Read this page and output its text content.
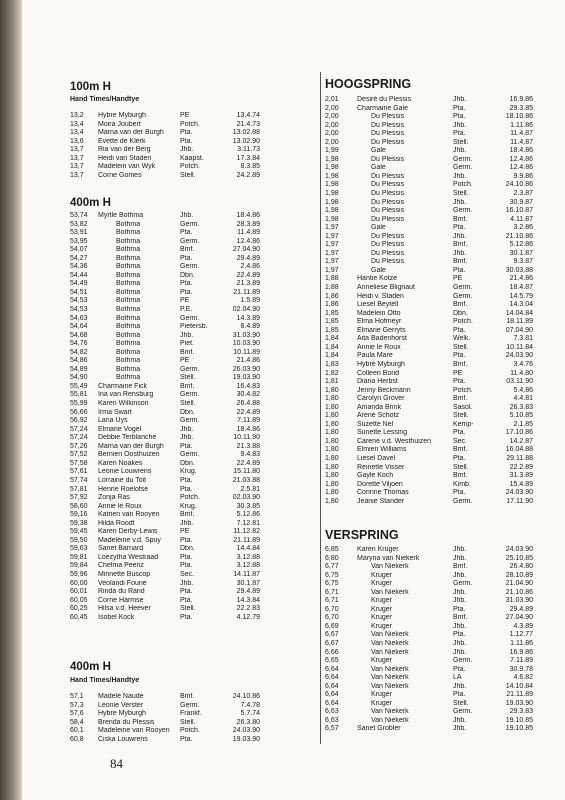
100m H
Hand Times/Handtye
13,2	Hybre Myburgh	PE	13.4.74
13,4	Moira Joubert	Potch.	21.4.73
13,4	Marna van der Burgh	Pta.	13.02.88
13,6	Evette de Klerk	Pta.	13.02.90
13,7	Ria van der Berg	Jhb.	3.11.73
13,7	Heidi van Staden	Kaapst.	17.3.84
13,7	Madelein van Wyk	Potch.	8.3.85
13,7	Corne Gomes	Stell.	24.2.89
400m H
53,74	Myrtle Bothma	Jhb.	18.4.86
53,82	Bothma	Germ.	28.3.89
53,91	Bothma	Pta.	11.4.89
53,95	Bothma	Germ.	12.4.86
54,07	Bothma	Bmf.	27.04.90
54,27	Bothma	Pta.	29.4.89
54,36	Bothma	Germ.	2.4.86
54,44	Bothma	Dbn.	22.4.89
54,49	Bothma	Pta.	21.3.89
54,51	Bothma	Pta.	21.11.89
54,53	Bothma	PE	1.5.89
54,53	Bothma	P.E.	02.04.90
54,63	Bothma	Germ.	14.3.89
54,64	Bothma	Pietersb.	8.4.89
54,68	Bothma	Jhb.	31.03.90
54,76	Bothma	Piet.	10.03.90
54,82	Bothma	Bmf.	10.11.89
54,86	Bothma	PE	21.4.86
54,89	Bothma	Germ.	26.03.90
54,90	Bothma	Stell.	19.03.90
55,49	Charmaine Fick	Bmf.	16.4.83
55,81	Ina van Rensburg	Germ.	30.4.82
55,99	Karen Wilkinson	Stell.	26.4.88
56,66	Irma Swart	Dbn.	22.4.89
56,92	Lana Uys	Germ.	7.11.89
57,24	Elmarie Vogel	Jhb.	18.4.86
57,24	Debbie Terblanche	Jhb.	10.11.90
57,26	Marna van der Burgh	Pta.	21.3.88
57,52	Bernien Oosthuizen	Germ.	9.4.83
57,58	Karen Noakes	Dbn.	22.4.89
57,61	Leonie Louwrens	Krug.	15.11.80
57,74	Lorraine du Toit	Pta.	21.03.88
57,81	Henrie Roelofse	Pta.	2.5.81
57,92	Zonja Ras	Potch.	02.03.90
58,60	Annie le Roux	Krug.	30.3.85
59,16	Katrien van Rooyen	Bmf.	5.12.86
59,38	Hilda Roodt	Jhb.	7.12.81
59,45	Karen Derby-Lewis	PE	11.12.82
59,50	Madeleine v.d. Spuy	Pta.	21.11.89
59,63	Sanet Barnard	Dbn.	14.4.84
59,81	Loezytha Westraad	Pta.	3.12.88
59,84	Chelma Peenz	Pta.	3.12.88
59,96	Minnette Buscop	Sec.	14.11.87
60,00	Veolandi Fourie	Jhb.	30.1.87
60,01	Rinda du Rand	Pta.	29.4.89
60,05	Corne Harmse	Pta.	14.3.84
60,25	Hilsa v.d. Heever	Stell.	22.2.83
60,45	Isobel Kock	Pta.	4.12.79
400m H
Hand Times/Handtye
57,1	Madelé Naude	Bmf.	24.10.86
57,3	Leonie Verster	Germ.	7.4.78
57,6	Hybre Myburgh	Frankf.	5.7.74
58,4	Brenda du Plessis	Stell.	26.3.80
60,1	Madeleine van Rooyen	Potch.	24.03.90
60,8	Ciska Louwrens	Pta.	19.03.90
HOOGSPRING
2,01	Desiré du Plessis	Jhb.	16.9.86
2,00	Charmaine Gale	Pta.	29.3.85
2,00	Du Plessis	Pta.	18.10.86
2,00	Du Plessis	Jhb.	1.11.86
2,00	Du Plessis	Pta.	11.4.87
2,00	Du Plessis	Stell.	11.4.87
1,99	Gale	Jhb.	18.4.86
1,98	Du Plessis	Germ.	12.4.86
1,98	Gale	Germ.	12.4.86
1,98	Du Plessis	Jhb.	9.9.86
1,98	Du Plessis	Potch.	24.10.86
1,98	Du Plessis	Stell.	2.3.87
1,98	Du Plessis	Jhb.	30.9.87
1,98	Du Plessis	Germ.	16.10.87
1,98	Du Plessis	Bmf.	4.11.87
1,97	Gale	Pta.	3.2.86
1,97	Du Plessis	Jhb.	21.10.86
1,97	Du Plessis	Bmf.	5.12.86
1,97	Du Plessis	Jhb.	30.1.87
1,97	Du Plessis	Bmf.	9.3.87
1,97	Gale	Pta.	30.03.88
1,88	Hantie Kotze	PE	21.4.86
1,88	Anneliese Blignaut	Germ.	18.4.87
1,86	Heidi v. Staden	Germ.	14.5.79
1,86	Liesel Beytell	Bmf.	14.3.04
1,85	Madelein Otto	Dbn.	14.04.84
1,85	Elma Hofmeyr	Potch.	18.11.89
1,85	Elmarie Gerryts	Pta.	07.04.90
1,84	Aita Badenhorst	Welk.	7.3.81
1,84	Annie le Roux	Stell.	10.11.84
1,84	Paula Mare	Pta.	24.03.90
1,83	Hybré Myburgh	Bmf.	3.4.76
1,82	Colleen Bond	PE	11.4.80
1,81	Diana Herbst	Pta.	03.11.90
1,80	Jenny Beckmann	Potch.	5.4.86
1,80	Carolyn Grover	Bmf.	4.4.81
1,80	Amanda Brink	Sasol.	26.3.83
1,80	Arené Schotz	Stell.	5.10.85
1,80	Suzette Nel	Kemp-	2.1.85
1,80	Sunette Lessing	Pta.	17.10.86
1,80	Carene v.d. Westhuizen	Sec.	14.2.87
1,80	Elmien Williams	Bmf.	16.04.88
1,80	Liesel Davel	Pta.	29.11.88
1,80	Reinette Visser	Stell.	22.2.89
1,80	Gayle Koch	Bmf.	31.3.89
1,80	Dorette Viljoen	Kimb.	15.4.89
1,80	Corinne Thomas	Pta.	24.03.90
1,80	Jeanie Stander	Germ.	17.11.90
VERSPRING
6,85	Karen Kruger	Jhb.	24.03.90
6,80	Maryna van Niekerk	Jhb.	25.10.85
6,77	Van Niekerk	Bmf.	26.4.80
6,75	Kruger	Jhb.	28.10.89
6,75	Kruger	Germ.	21.04.90
6,71	Van Niekerk	Jhb.	21.10.86
6,71	Kruger	Jhb.	31.03.90
6,70	Kruger	Pta.	29.4.89
6,70	Kruger	Bmf.	27.04.90
6,69	Kruger	Jhb.	4.3.89
6,67	Van Niekerk	Pta.	1.12.77
6,67	Van Niekerk	Jhb.	1.11.86
6,66	Van Niekerk	Jhb.	16.9.86
6,65	Kruger	Germ.	7.11.89
6,64	Van Niekerk	Pta.	30.9.78
6,64	Van Niekerk	LA	4.6.82
6,64	Van Niekerk	Jhb.	14.10.84
6,64	Kruger	Pta.	21.11.89
6,64	Kruger	Stell.	19.03.90
6,63	Van Niekerk	Germ.	29.3.83
6,63	Van Niekerk	Jhb.	19.10.85
6,57	Sanet Grobler	Jhb.	19.10.85
84
